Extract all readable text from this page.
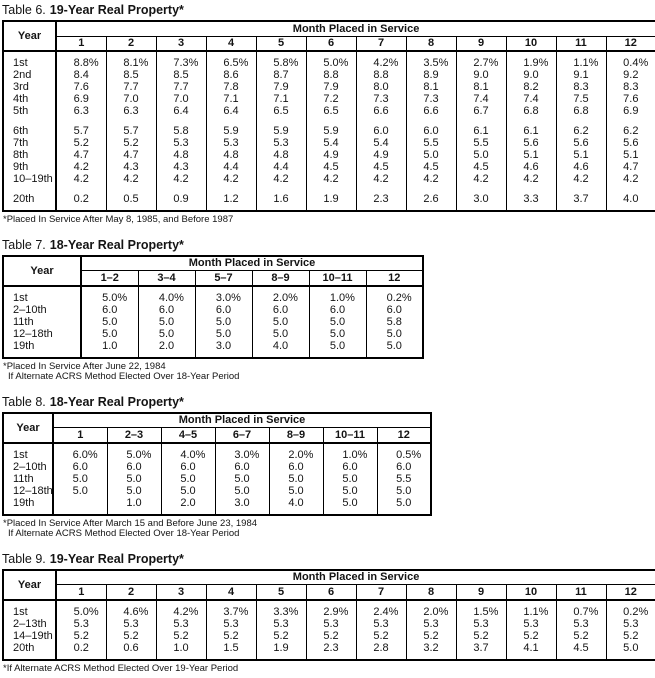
Table 6. 19-Year Real Property*
Year	Month Placed in Service											
	1	2	3	4	5	6	7	8	9	10	11	12
1st	8.8 %	8.1 %	7.3 %	6.5 %	5.8 %	5.0 %	4.2 %	3.5 %	2.7 %	1.9 %	1.1 %	0.4 %

2nd	8.4	8.5	8.5	8.6	8.7	8.8	8.8	8.9	9.0	9.0	9.1	9.2
3rd	7.6	7.7	7.7	7.8	7.9	7.9	8.0	8.1	8.1	8.2	8.3	8.3
4th	6.9	7.0	7.0	7.1	7.1	7.2	7.3	7.3	7.4	7.4	7.5	7.6
5th	6.3	6.3	6.4	6.4	6.5	6.5	6.6	6.6	6.7	6.8	6.8	6.9

6th	5.7	5.7	5.8	5.9	5.9	5.9	6.0	6.0	6.1	6.1	6.2	6.2
7th	5.2	5.2	5.3	5.3	5.3	5.4	5.4	5.5	5.5	5.6	5.6	5.6
8th	4.7	4.7	4.8	4.8	4.8	4.9	4.9	5.0	5.0	5.1	5.1	5.1
9th	4.2	4.3	4.3	4.4	4.4	4.5	4.5	4.5	4.5	4.6	4.6	4.7
10–19th	4.2	4.2	4.2	4.2	4.2	4.2	4.2	4.2	4.2	4.2	4.2	4.2

20th	0.2	0.5	0.9	1.2	1.6	1.9	2.3	2.6	3.0	3.3	3.7	4.0
*Placed In Service After May 8, 1985, and Before 1987
Table 7. 18-Year Real Property*
Year	Month Placed in Service					
	1–2	3–4	5–7	8–9	10–11	12
1st	5.0 %	4.0 %	3.0 %	2.0 %	1.0 %	0.2 %

2–10th	6.0	6.0	6.0	6.0	6.0	6.0
11th	5.0	5.0	5.0	5.0	5.0	5.8
12–18th	5.0	5.0	5.0	5.0	5.0	5.0
19th	1.0	2.0	3.0	4.0	5.0	5.0
*Placed In Service After June 22, 1984
If Alternate ACRS Method Elected Over 18-Year Period
Table 8. 18-Year Real Property*
Year	Month Placed in Service						
	1	2–3	4–5	6–7	8–9	10–11	12
1st	6.0 %	5.0 %	4.0 %	3.0 %	2.0 %	1.0 %	0.5 %

2–10th	6.0	6.0	6.0	6.0	6.0	6.0	6.0
11th	5.0	5.0	5.0	5.0	5.0	5.0	5.5
12–18th	5.0	5.0	5.0	5.0	5.0	5.0	5.0
19th		1.0	2.0	3.0	4.0	5.0	5.0
*Placed In Service After March 15 and Before June 23, 1984
If Alternate ACRS Method Elected Over 18-Year Period
Table 9. 19-Year Real Property*
Year	Month Placed in Service											
	1	2	3	4	5	6	7	8	9	10	11	12
1st	5.0 %	4.6 %	4.2 %	3.7 %	3.3 %	2.9 %	2.4 %	2.0 %	1.5 %	1.1 %	0.7 %	0.2 %

2–13th	5.3	5.3	5.3	5.3	5.3	5.3	5.3	5.3	5.3	5.3	5.3	5.3
14–19th	5.2	5.2	5.2	5.2	5.2	5.2	5.2	5.2	5.2	5.2	5.2	5.2
20th	0.2	0.6	1.0	1.5	1.9	2.3	2.8	3.2	3.7	4.1	4.5	5.0
*If Alternate ACRS Method Elected Over 19-Year Period
